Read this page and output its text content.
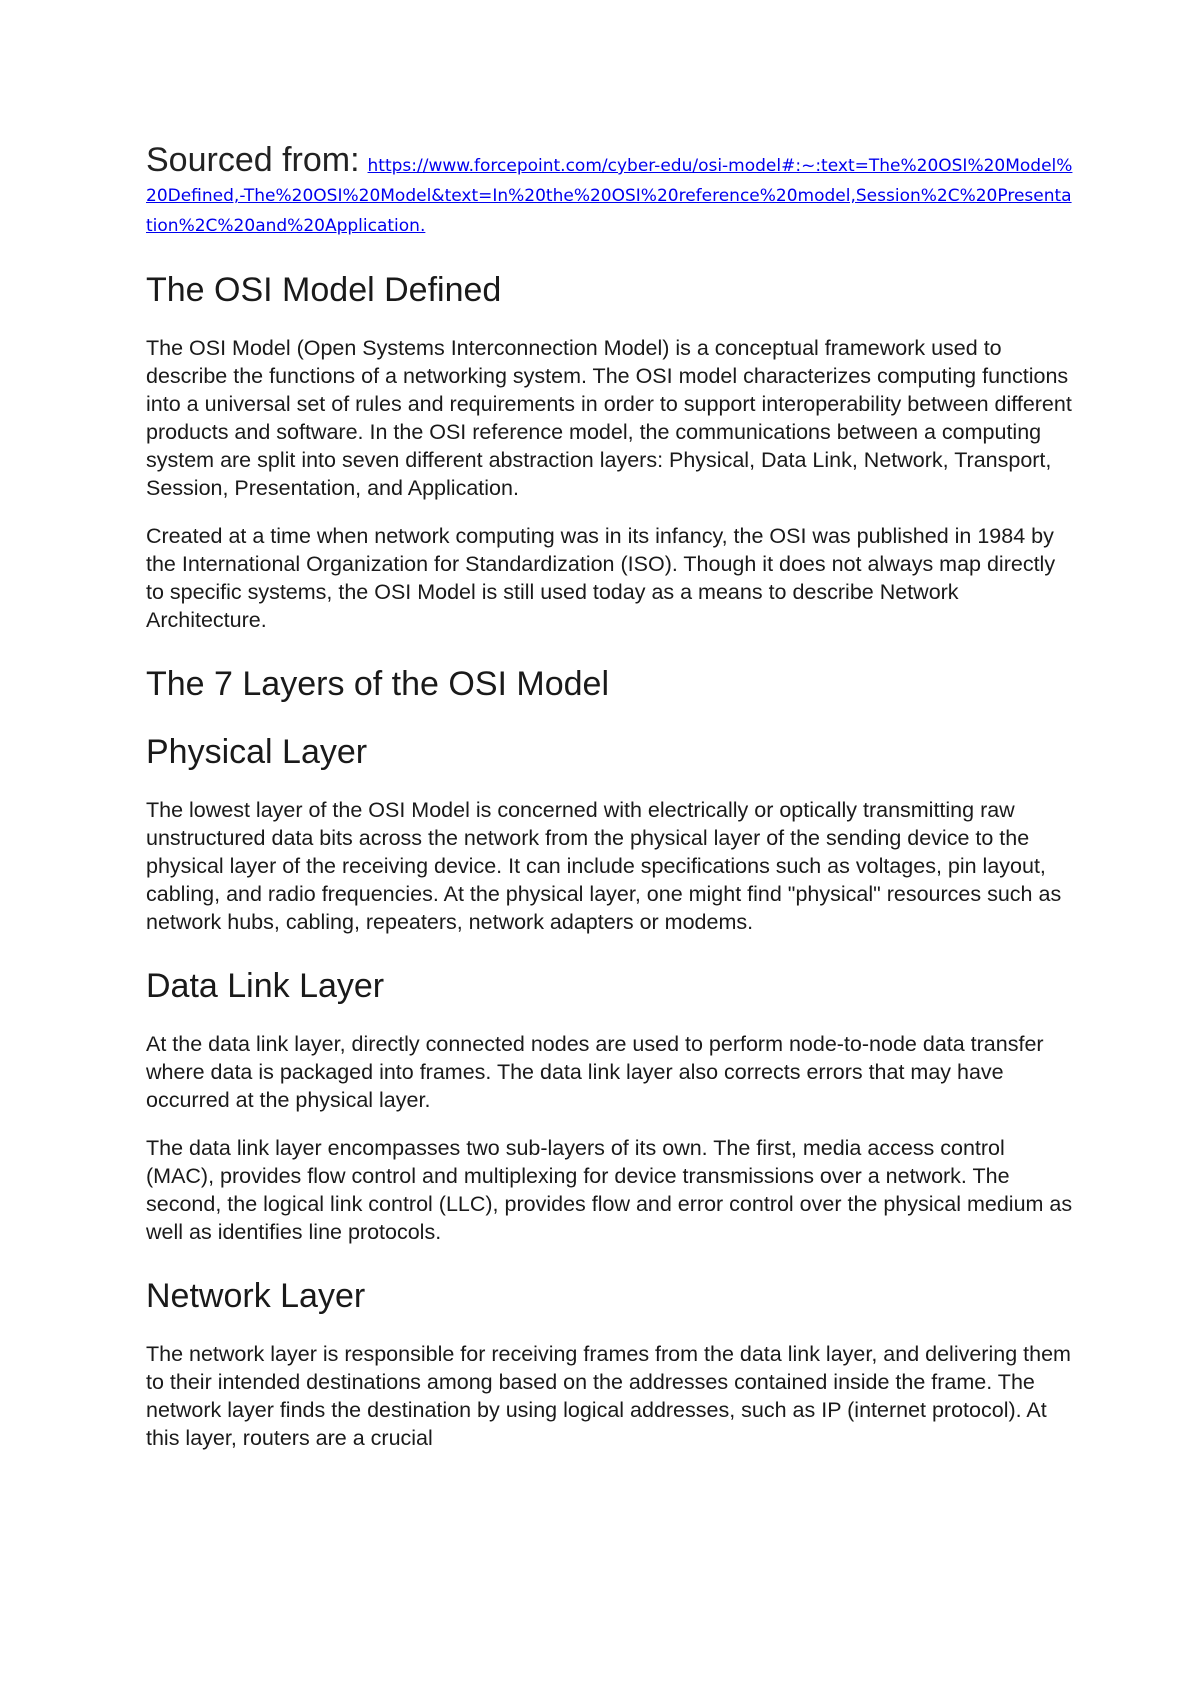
Sourced from: https://www.forcepoint.com/cyber-edu/osi-model#:~:text=The%20OSI%20Model%20Defined,-The%20OSI%20Model&text=In%20the%20OSI%20reference%20model,Session%2C%20Presentation%2C%20and%20Application.

The OSI Model Defined

The OSI Model (Open Systems Interconnection Model) is a conceptual framework used to describe the functions of a networking system. The OSI model characterizes computing functions into a universal set of rules and requirements in order to support interoperability between different products and software. In the OSI reference model, the communications between a computing system are split into seven different abstraction layers: Physical, Data Link, Network, Transport, Session, Presentation, and Application.

Created at a time when network computing was in its infancy, the OSI was published in 1984 by the International Organization for Standardization (ISO). Though it does not always map directly to specific systems, the OSI Model is still used today as a means to describe Network Architecture.

The 7 Layers of the OSI Model
Physical Layer

The lowest layer of the OSI Model is concerned with electrically or optically transmitting raw unstructured data bits across the network from the physical layer of the sending device to the physical layer of the receiving device. It can include specifications such as voltages, pin layout, cabling, and radio frequencies. At the physical layer, one might find "physical" resources such as network hubs, cabling, repeaters, network adapters or modems.

Data Link Layer

At the data link layer, directly connected nodes are used to perform node-to-node data transfer where data is packaged into frames. The data link layer also corrects errors that may have occurred at the physical layer.

The data link layer encompasses two sub-layers of its own. The first, media access control (MAC), provides flow control and multiplexing for device transmissions over a network. The second, the logical link control (LLC), provides flow and error control over the physical medium as well as identifies line protocols.

Network Layer

The network layer is responsible for receiving frames from the data link layer, and delivering them to their intended destinations among based on the addresses contained inside the frame. The network layer finds the destination by using logical addresses, such as IP (internet protocol). At this layer, routers are a crucial
